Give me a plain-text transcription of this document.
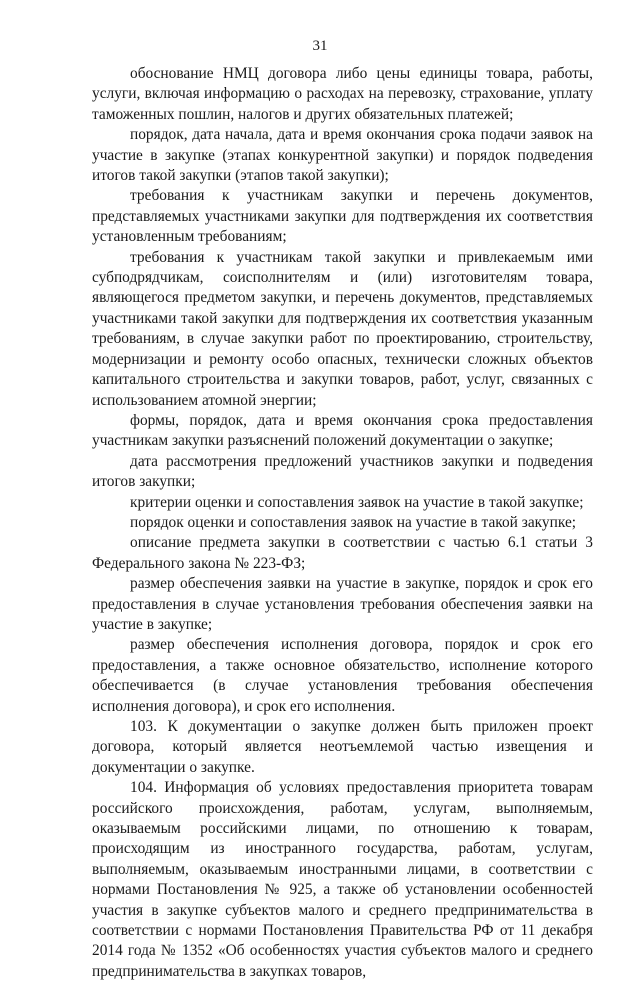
31

обоснование НМЦ договора либо цены единицы товара, работы, услуги, включая информацию о расходах на перевозку, страхование, уплату таможенных пошлин, налогов и других обязательных платежей;

порядок, дата начала, дата и время окончания срока подачи заявок на участие в закупке (этапах конкурентной закупки) и порядок подведения итогов такой закупки (этапов такой закупки);

требования к участникам закупки и перечень документов, представляемых участниками закупки для подтверждения их соответствия установленным требованиям;

требования к участникам такой закупки и привлекаемым ими субподрядчикам, соисполнителям и (или) изготовителям товара, являющегося предметом закупки, и перечень документов, представляемых участниками такой закупки для подтверждения их соответствия указанным требованиям, в случае закупки работ по проектированию, строительству, модернизации и ремонту особо опасных, технически сложных объектов капитального строительства и закупки товаров, работ, услуг, связанных с использованием атомной энергии;

формы, порядок, дата и время окончания срока предоставления участникам закупки разъяснений положений документации о закупке;

дата рассмотрения предложений участников закупки и подведения итогов закупки;

критерии оценки и сопоставления заявок на участие в такой закупке;

порядок оценки и сопоставления заявок на участие в такой закупке;

описание предмета закупки в соответствии с частью 6.1 статьи 3 Федерального закона № 223-ФЗ;

размер обеспечения заявки на участие в закупке, порядок и срок его предоставления в случае установления требования обеспечения заявки на участие в закупке;

размер обеспечения исполнения договора, порядок и срок его предоставления, а также основное обязательство, исполнение которого обеспечивается (в случае установления требования обеспечения исполнения договора), и срок его исполнения.

103. К документации о закупке должен быть приложен проект договора, который является неотъемлемой частью извещения и документации о закупке.

104. Информация об условиях предоставления приоритета товарам российского происхождения, работам, услугам, выполняемым, оказываемым российскими лицами, по отношению к товарам, происходящим из иностранного государства, работам, услугам, выполняемым, оказываемым иностранными лицами, в соответствии с нормами Постановления № 925, а также об установлении особенностей участия в закупке субъектов малого и среднего предпринимательства в соответствии с нормами Постановления Правительства РФ от 11 декабря 2014 года № 1352 «Об особенностях участия субъектов малого и среднего предпринимательства в закупках товаров,
